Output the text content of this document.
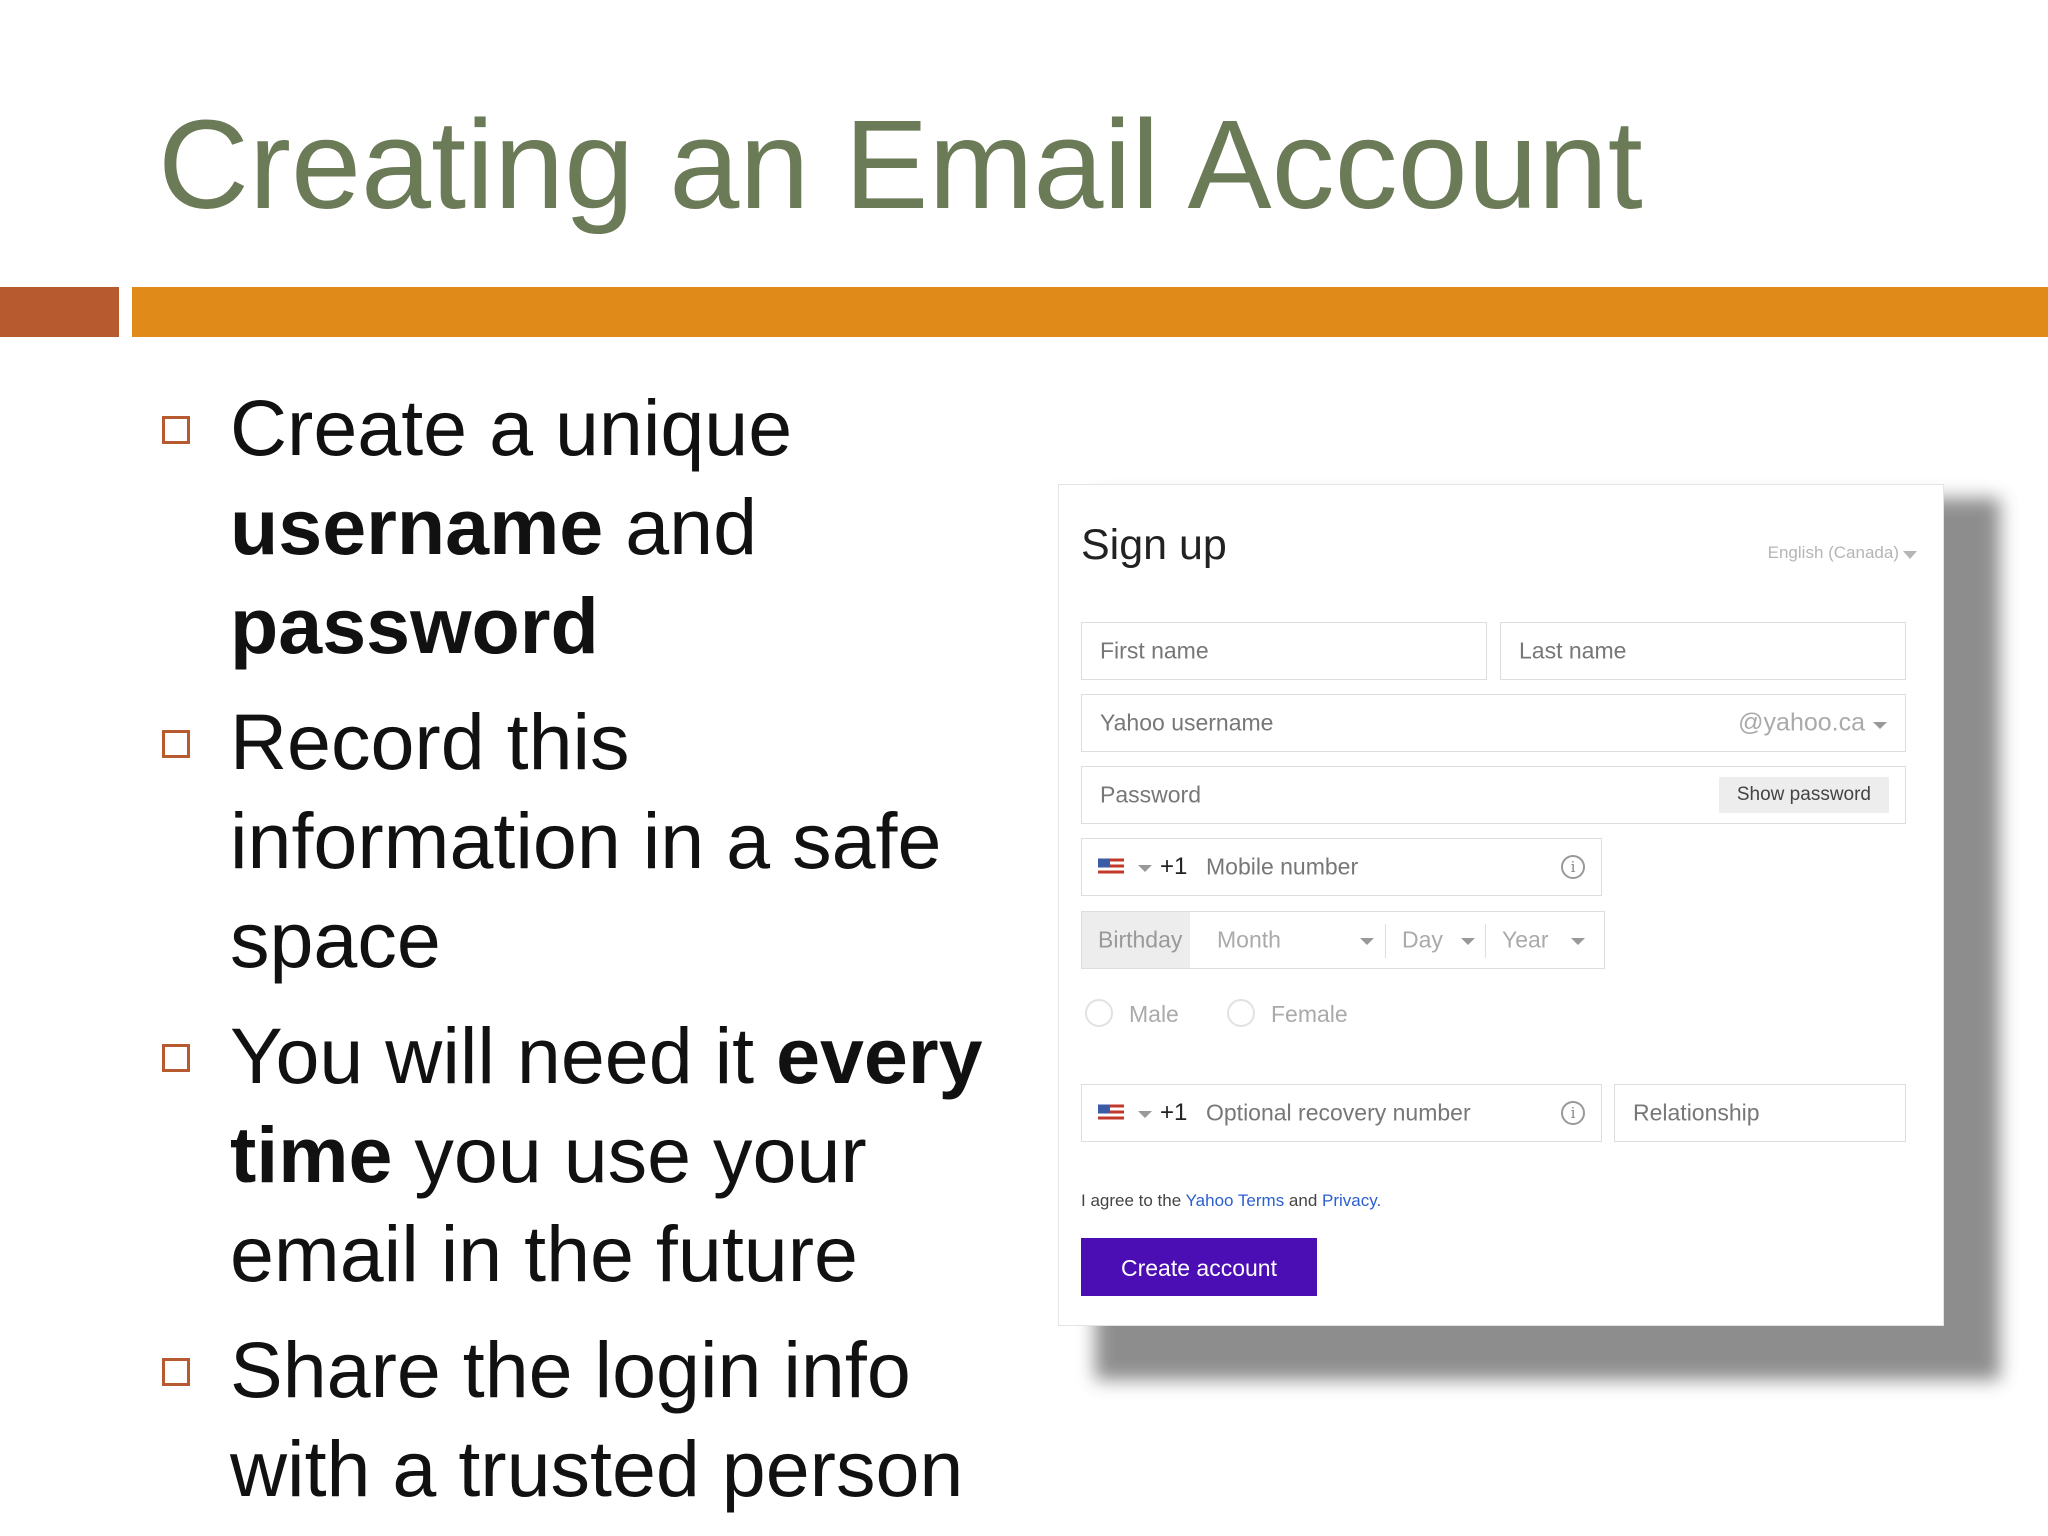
Creating an Email Account
Create a unique username and
password
Record this information in a safe space
You will need it every time you use your email in the future
Share the login info with a trusted person
Sign up	English (Canada)
First name	Last name
Yahoo username	@yahoo.ca
Password	Show password
+1 Mobile number	i
Birthday Month	Day	Year
Male	Female
+1 Optional recovery number	i	Relationship
I agree to the Yahoo Terms and Privacy.
Create account
